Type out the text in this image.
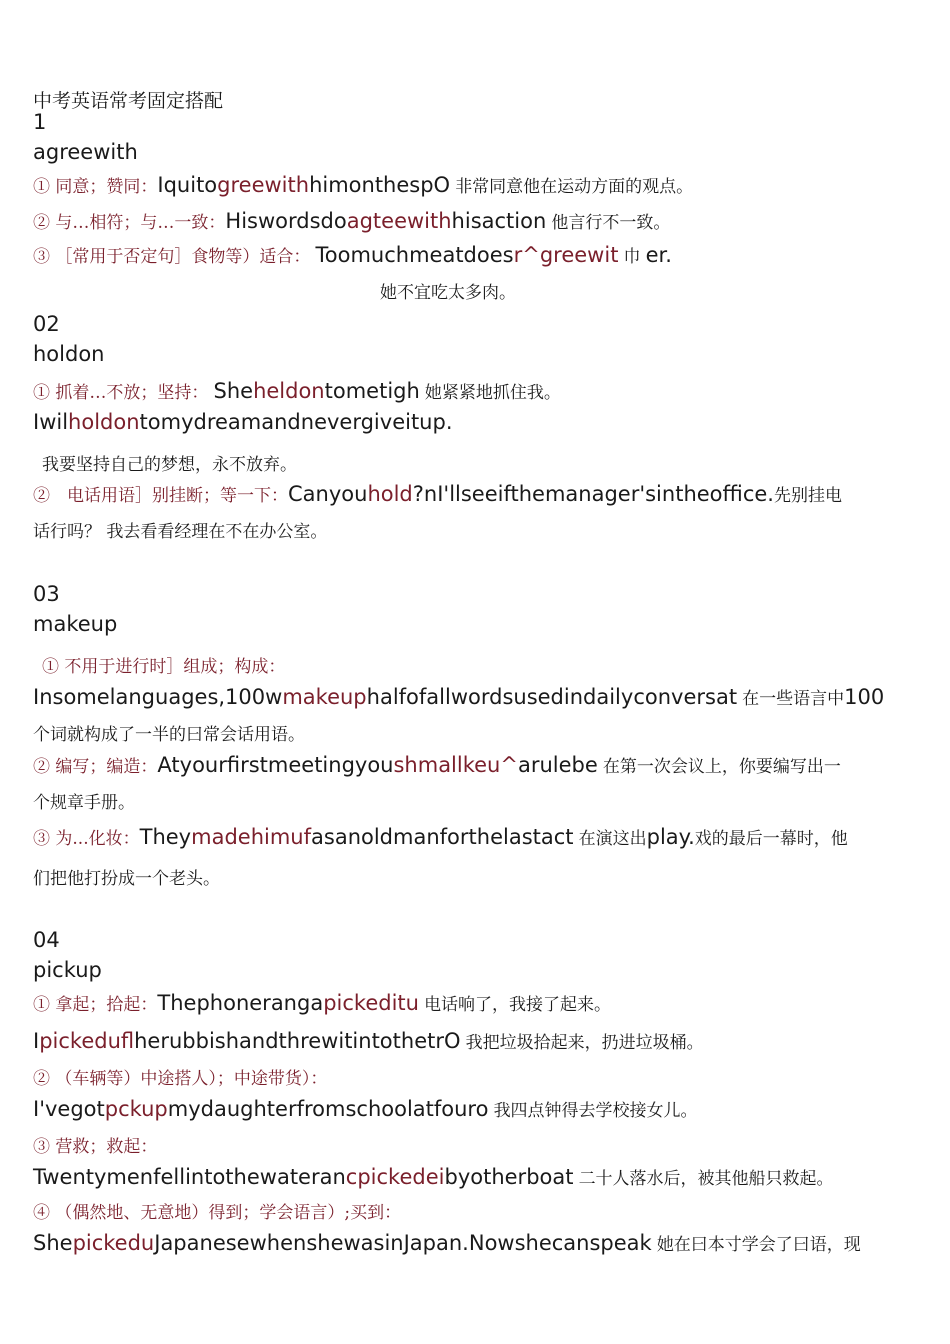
中考英语常考固定搭配
1
agreewith
① 同意；赞同：IquitogreewithhimonthespO 非常同意他在运动方面的观点。
② 与…相符；与…一致：Hiswordsdoagteewithhisaction 他言行不一致。
③ ［常用于否定句］食物等）适合： Toomuchmeatdoesr^greewit 巾 er.
她不宜吃太多肉。
02
holdon
① 抓着…不放；坚持： Sheheldontometigh 她紧紧地抓住我。
Iwilholdontomydreamandnevergiveitup.
我要坚持自己的梦想，永不放弃。
②　电话用语］别挂断；等一下：Canyouhold?nI'llseeifthemanager'sintheoffice.先别挂电
话行吗？ 我去看看经理在不在办公室。
03
makeup
① 不用于进行时］组成；构成：
Insomelanguages,100wmakeuphalfofallwordsusedindailyconversat 在一些语言中100
个词就构成了一半的曰常会话用语。
② 编写；编造：Atyourfirstmeetingyoushmallkeu^arulebe 在第一次会议上，你要编写出一
个规章手册。
③ 为...化妆：Theymadehimufasanoldmanforthelastact 在演这出play.戏的最后一幕时，他
们把他打扮成一个老头。
04
pickup
① 拿起；拾起：Thephonerangаpickeditu 电话响了，我接了起来。
IpickeduflherubbishandthrewitintothetrO 我把垃圾拾起来，扔进垃圾桶。
② （车辆等）中途搭人）；中途带货）：
I'vegotpckupmydaughterfromschoolatfouro 我四点钟得去学校接女儿。
③ 营救；救起：
Twentymenfellintothewaterancpickedeibyotherboat 二十人落水后，被其他船只救起。
④ （偶然地、无意地）得到；学会语言）;买到：
ShepickeduJapanesewhenshewasinJapan.Nowshecanspeak 她在曰本寸学会了曰语，现
